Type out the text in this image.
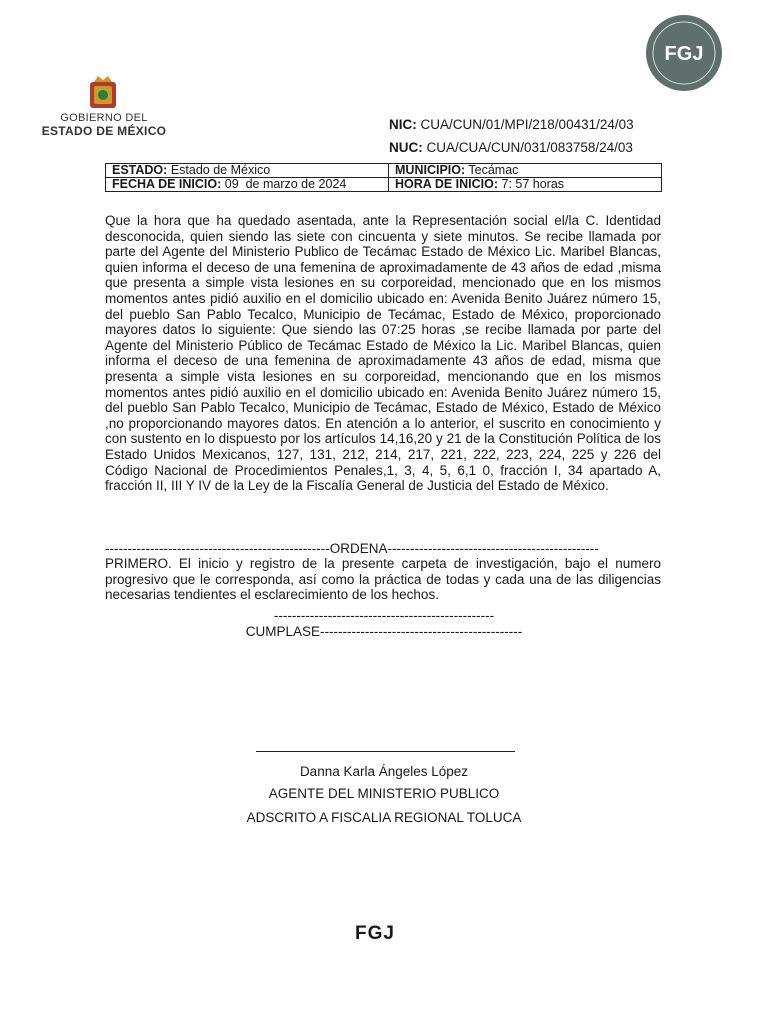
GOBIERNO DEL
ESTADO DE MÉXICO
FGJ
NIC: CUA/CUN/01/MPI/218/00431/24/03
NUC: CUA/CUA/CUN/031/083758/24/03
ESTADO: Estado de México	MUNICIPIO: Tecámac
FECHA DE INICIO: 09  de marzo de 2024	HORA DE INICIO: 7: 57 horas

Que la hora que ha quedado asentada, ante la Representación social el/la C. Identidad desconocida, quien siendo las siete con cincuenta y siete minutos. Se recibe llamada por parte del Agente del Ministerio Publico de Tecámac Estado de México Lic. Maribel Blancas, quien informa el deceso de una femenina de aproximadamente de 43 años de edad ,misma que presenta a simple vista lesiones en su corporeidad, mencionado que en los mismos momentos antes pidió auxilio en el domicilio ubicado en: Avenida Benito Juárez número 15, del pueblo San Pablo Tecalco, Municipio de Tecámac, Estado de México, proporcionado mayores datos lo siguiente: Que siendo las 07:25 horas ,se recibe llamada por parte del Agente del Ministerio Público de Tecámac Estado de México la Lic. Maribel Blancas, quien informa el deceso de una femenina de aproximadamente 43 años de edad, misma que presenta a simple vista lesiones en su corporeidad, mencionando que en los mismos momentos antes pidió auxilio en el domicilio ubicado en: Avenida Benito Juárez número 15, del pueblo San Pablo Tecalco, Municipio de Tecámac, Estado de México, Estado de México ,no proporcionando mayores datos. En atención a lo anterior, el suscrito en conocimiento y con sustento en lo dispuesto por los artículos 14,16,20 y 21 de la Constitución Política de los Estado Unidos Mexicanos, 127, 131, 212, 214, 217, 221, 222, 223, 224, 225 y 226 del Código Nacional de Procedimientos Penales,1, 3, 4, 5, 6,1 0, fracción I, 34 apartado A, fracción II, III Y IV de la Ley de la Fiscalía General de Justicia del Estado de México.

--------------------------------------------------ORDENA-----------------------------------------------

PRIMERO. El inicio y registro de la presente carpeta de investigación, bajo el numero progresivo que le corresponda, así como la práctica de todas y cada una de las diligencias necesarias tendientes el esclarecimiento de los hechos.

-------------------------------------------------
CUMPLASE---------------------------------------------
Danna Karla Ángeles López
AGENTE DEL MINISTERIO PUBLICO
ADSCRITO A FISCALIA REGIONAL TOLUCA
FGJ
